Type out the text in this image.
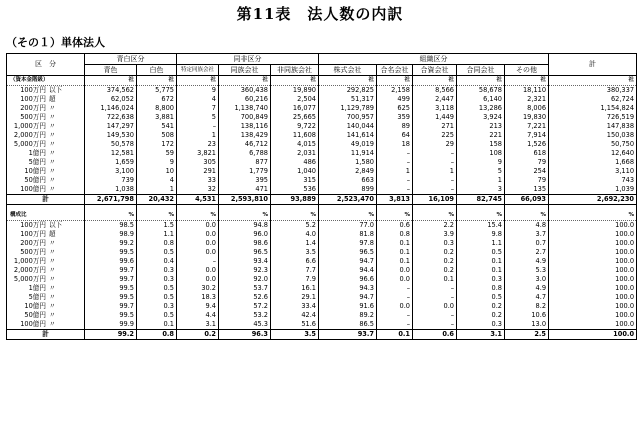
第11表　法人数の内訳
（その１）単体法人
区　分	青白区分		同非区分			組織区分					計
	青色	白色	特定同族会社	同族会社	非同族会社	株式会社	合名会社	合資会社	合同会社	その他	
（資本金階級）	社	社	社	社	社	社	社	社	社	社	社
100万円 以下	374,562	5,775	9	360,438	19,890	292,825	2,158	8,566	58,678	18,110	380,337
100万円 超	62,052	672	4	60,216	2,504	51,317	499	2,447	6,140	2,321	62,724
200万円 〃	1,146,024	8,800	7	1,138,740	16,077	1,129,789	625	3,118	13,286	8,006	1,154,824
500万円 〃	722,638	3,881	5	700,849	25,665	700,957	359	1,449	3,924	19,830	726,519
1,000万円 〃	147,297	541	–	138,116	9,722	140,044	89	271	213	7,221	147,838
2,000万円 〃	149,530	508	1	138,429	11,608	141,614	64	225	221	7,914	150,038
5,000万円 〃	50,578	172	23	46,712	4,015	49,019	18	29	158	1,526	50,750
1億円 〃	12,581	59	3,821	6,788	2,031	11,914	–	–	108	618	12,640
5億円 〃	1,659	9	305	877	486	1,580	–	–	9	79	1,668
10億円 〃	3,100	10	291	1,779	1,040	2,849	1	1	5	254	3,110
50億円 〃	739	4	33	395	315	663	–	–	1	79	743
100億円 〃	1,038	1	32	471	536	899	–	–	3	135	1,039
計	2,671,798	20,432	4,531	2,593,810	93,889	2,523,470	3,813	16,109	82,745	66,093	2,692,230

構成比	%	%	%	%	%	%	%	%	%	%	%
100万円 以下	98.5	1.5	0.0	94.8	5.2	77.0	0.6	2.2	15.4	4.8	100.0
100万円 超	98.9	1.1	0.0	96.0	4.0	81.8	0.8	3.9	9.8	3.7	100.0
200万円 〃	99.2	0.8	0.0	98.6	1.4	97.8	0.1	0.3	1.1	0.7	100.0
500万円 〃	99.5	0.5	0.0	96.5	3.5	96.5	0.1	0.2	0.5	2.7	100.0
1,000万円 〃	99.6	0.4	–	93.4	6.6	94.7	0.1	0.2	0.1	4.9	100.0
2,000万円 〃	99.7	0.3	0.0	92.3	7.7	94.4	0.0	0.2	0.1	5.3	100.0
5,000万円 〃	99.7	0.3	0.0	92.0	7.9	96.6	0.0	0.1	0.3	3.0	100.0
1億円 〃	99.5	0.5	30.2	53.7	16.1	94.3	–	–	0.8	4.9	100.0
5億円 〃	99.5	0.5	18.3	52.6	29.1	94.7	–	–	0.5	4.7	100.0
10億円 〃	99.7	0.3	9.4	57.2	33.4	91.6	0.0	0.0	0.2	8.2	100.0
50億円 〃	99.5	0.5	4.4	53.2	42.4	89.2	–	–	0.2	10.6	100.0
100億円 〃	99.9	0.1	3.1	45.3	51.6	86.5	–	–	0.3	13.0	100.0
計	99.2	0.8	0.2	96.3	3.5	93.7	0.1	0.6	3.1	2.5	100.0
